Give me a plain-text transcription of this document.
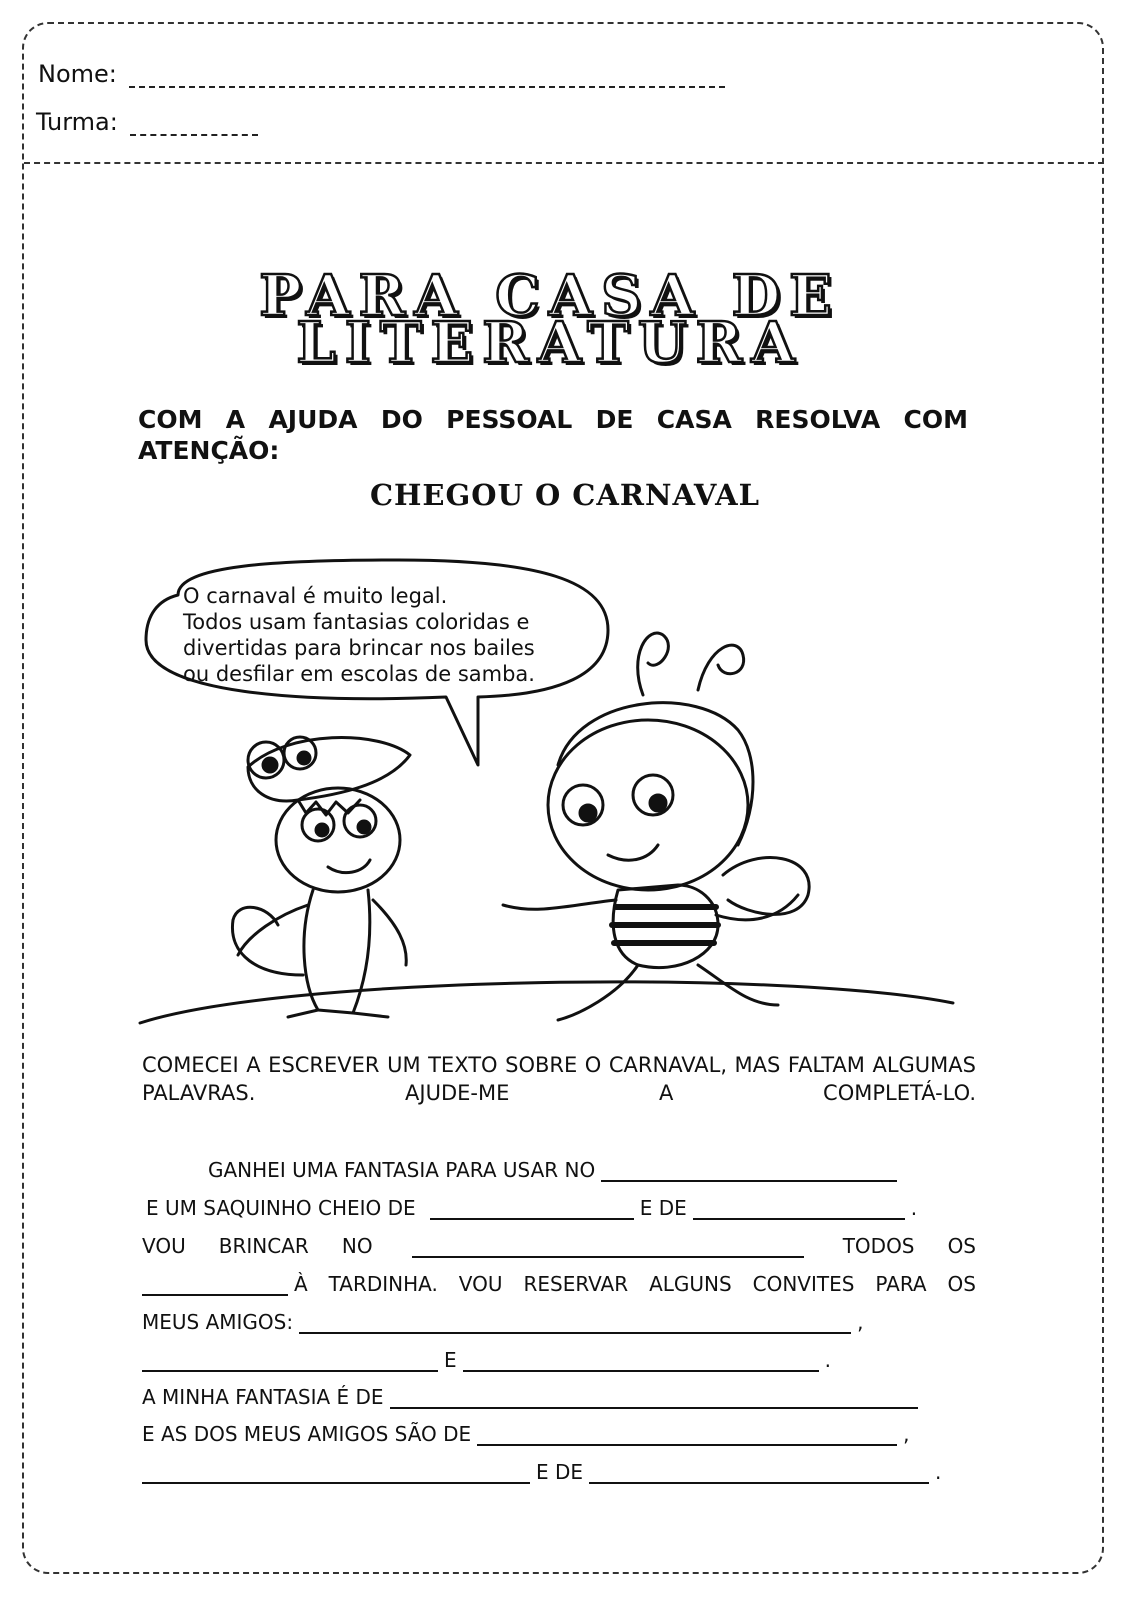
Nome:
Turma:
PARA CASA DE
LITERATURA
COM A AJUDA DO PESSOAL DE CASA RESOLVA COM ATENÇÃO:
CHEGOU O CARNAVAL
O carnaval é muito legal.
Todos usam fantasias coloridas e
divertidas para brincar nos bailes
ou desfilar em escolas de samba.
COMECEI A ESCREVER UM TEXTO SOBRE O CARNAVAL, MAS FALTAM ALGUMAS PALAVRAS. AJUDE-ME A COMPLETÁ-LO.
GANHEI UMA FANTASIA PARA USAR NO
E UM SAQUINHO CHEIO DE	E DE	.
VOU BRINCAR NO	TODOS OS
À TARDINHA. VOU RESERVAR ALGUNS CONVITES PARA OS
MEUS AMIGOS:	,
E	.
A MINHA FANTASIA É DE
E AS DOS MEUS AMIGOS SÃO DE	,
E DE	.
